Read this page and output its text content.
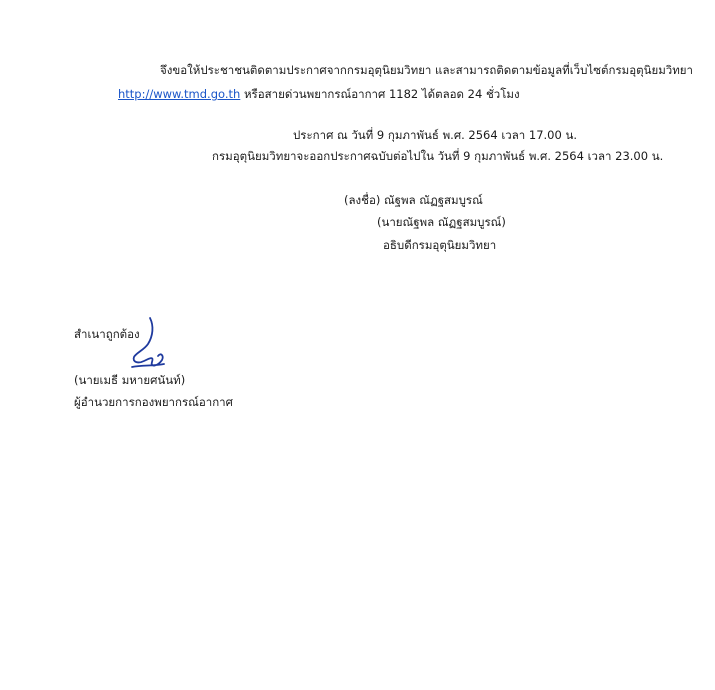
จึงขอให้ประชาชนติดตามประกาศจากกรมอุตุนิยมวิทยา และสามารถติดตามข้อมูลที่เว็บไซต์กรมอุตุนิยมวิทยา
http://www.tmd.go.th หรือสายด่วนพยากรณ์อากาศ 1182 ได้ตลอด 24 ชั่วโมง
ประกาศ ณ วันที่ 9 กุมภาพันธ์ พ.ศ. 2564 เวลา 17.00 น.
กรมอุตุนิยมวิทยาจะออกประกาศฉบับต่อไปใน วันที่ 9 กุมภาพันธ์ พ.ศ. 2564 เวลา 23.00 น.
(ลงชื่อ) ณัฐพล ณัฏฐสมบูรณ์
(นายณัฐพล ณัฏฐสมบูรณ์)
อธิบดีกรมอุตุนิยมวิทยา
สำเนาถูกต้อง
(นายเมธี มหายศนันท์)
ผู้อำนวยการกองพยากรณ์อากาศ
